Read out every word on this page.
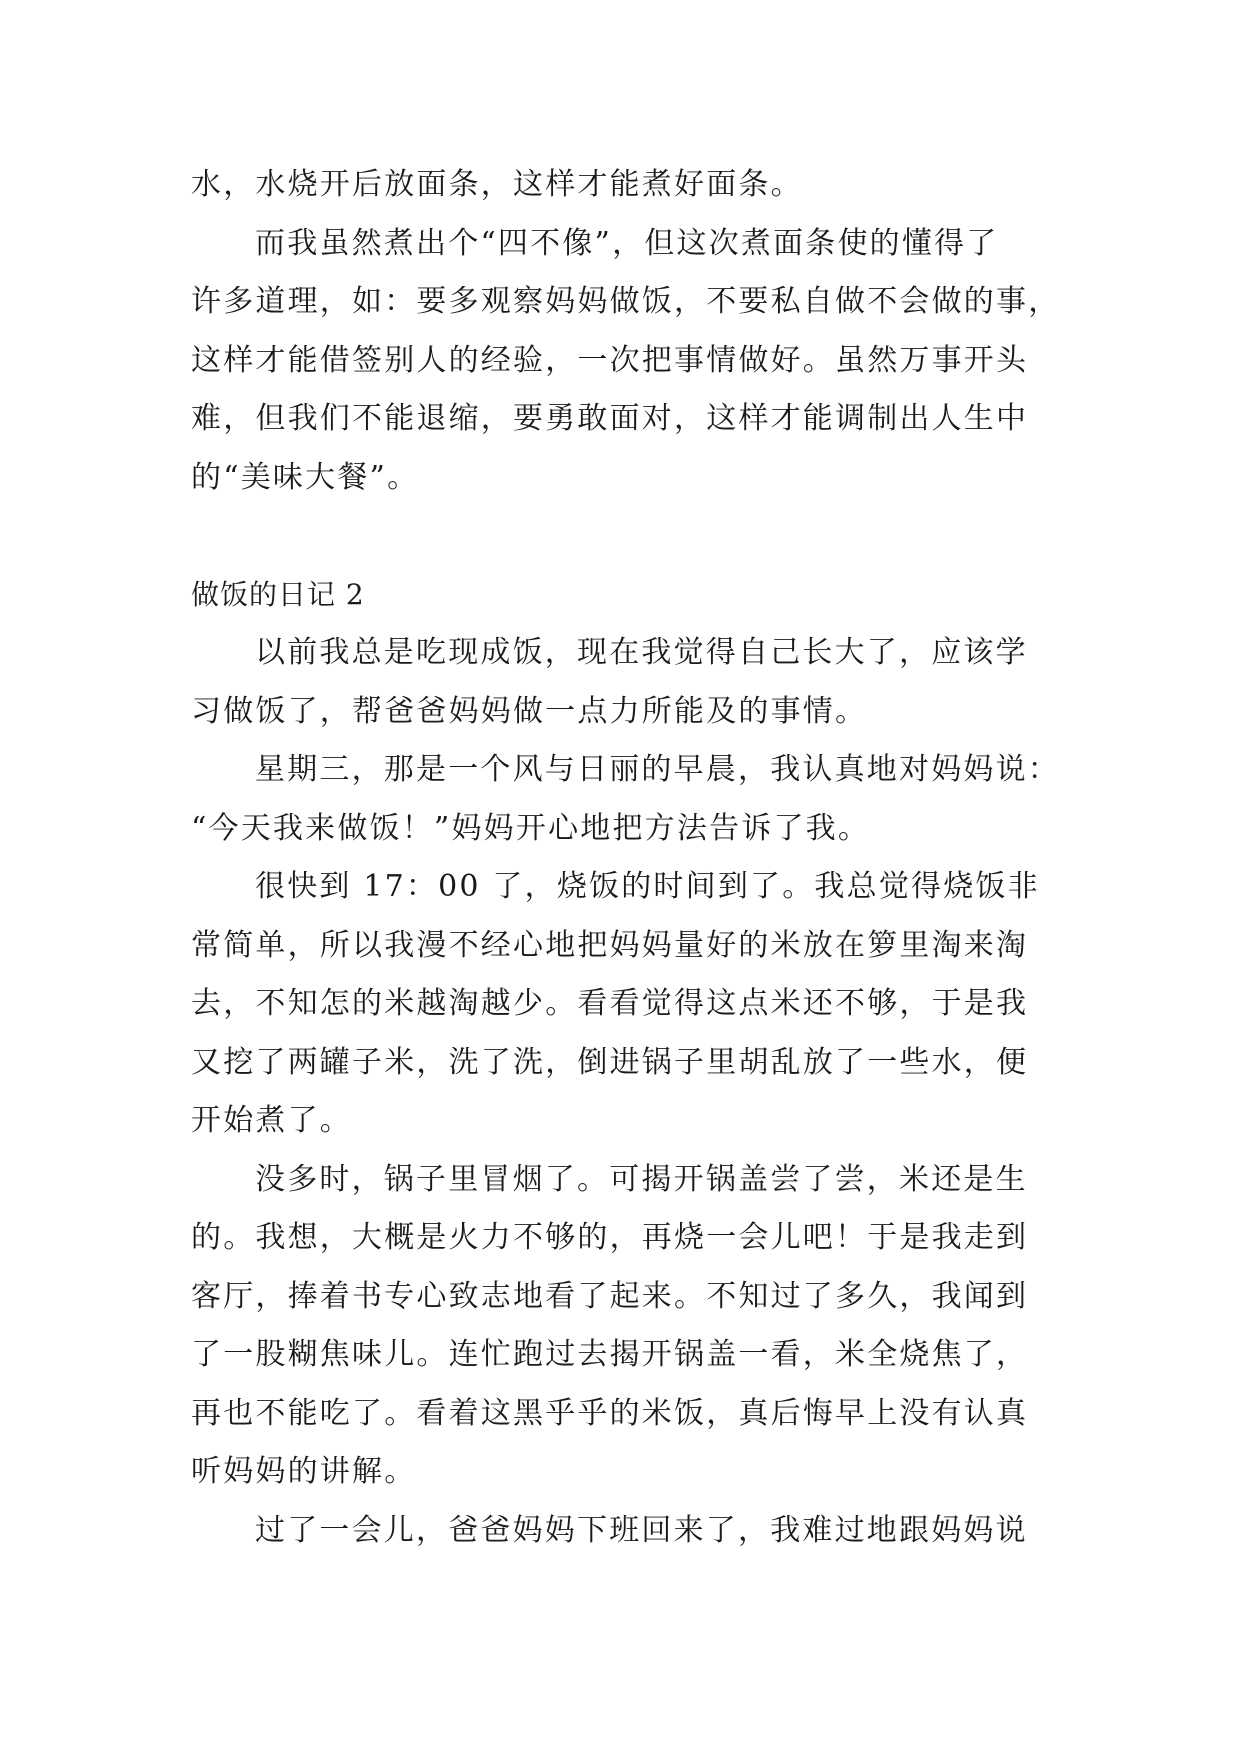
水，水烧开后放面条，这样才能煮好面条。
而我虽然煮出个“四不像”，但这次煮面条使的懂得了
许多道理，如：要多观察妈妈做饭，不要私自做不会做的事，
这样才能借签别人的经验，一次把事情做好。虽然万事开头
难，但我们不能退缩，要勇敢面对，这样才能调制出人生中
的“美味大餐”。
做饭的日记 2
以前我总是吃现成饭，现在我觉得自己长大了，应该学
习做饭了，帮爸爸妈妈做一点力所能及的事情。
星期三，那是一个风与日丽的早晨，我认真地对妈妈说：
“今天我来做饭！”妈妈开心地把方法告诉了我。
很快到 17：00 了，烧饭的时间到了。我总觉得烧饭非
常简单，所以我漫不经心地把妈妈量好的米放在箩里淘来淘
去，不知怎的米越淘越少。看看觉得这点米还不够，于是我
又挖了两罐子米，洗了洗，倒进锅子里胡乱放了一些水，便
开始煮了。
没多时，锅子里冒烟了。可揭开锅盖尝了尝，米还是生
的。我想，大概是火力不够的，再烧一会儿吧！于是我走到
客厅，捧着书专心致志地看了起来。不知过了多久，我闻到
了一股糊焦味儿。连忙跑过去揭开锅盖一看，米全烧焦了，
再也不能吃了。看着这黑乎乎的米饭，真后悔早上没有认真
听妈妈的讲解。
过了一会儿，爸爸妈妈下班回来了，我难过地跟妈妈说
